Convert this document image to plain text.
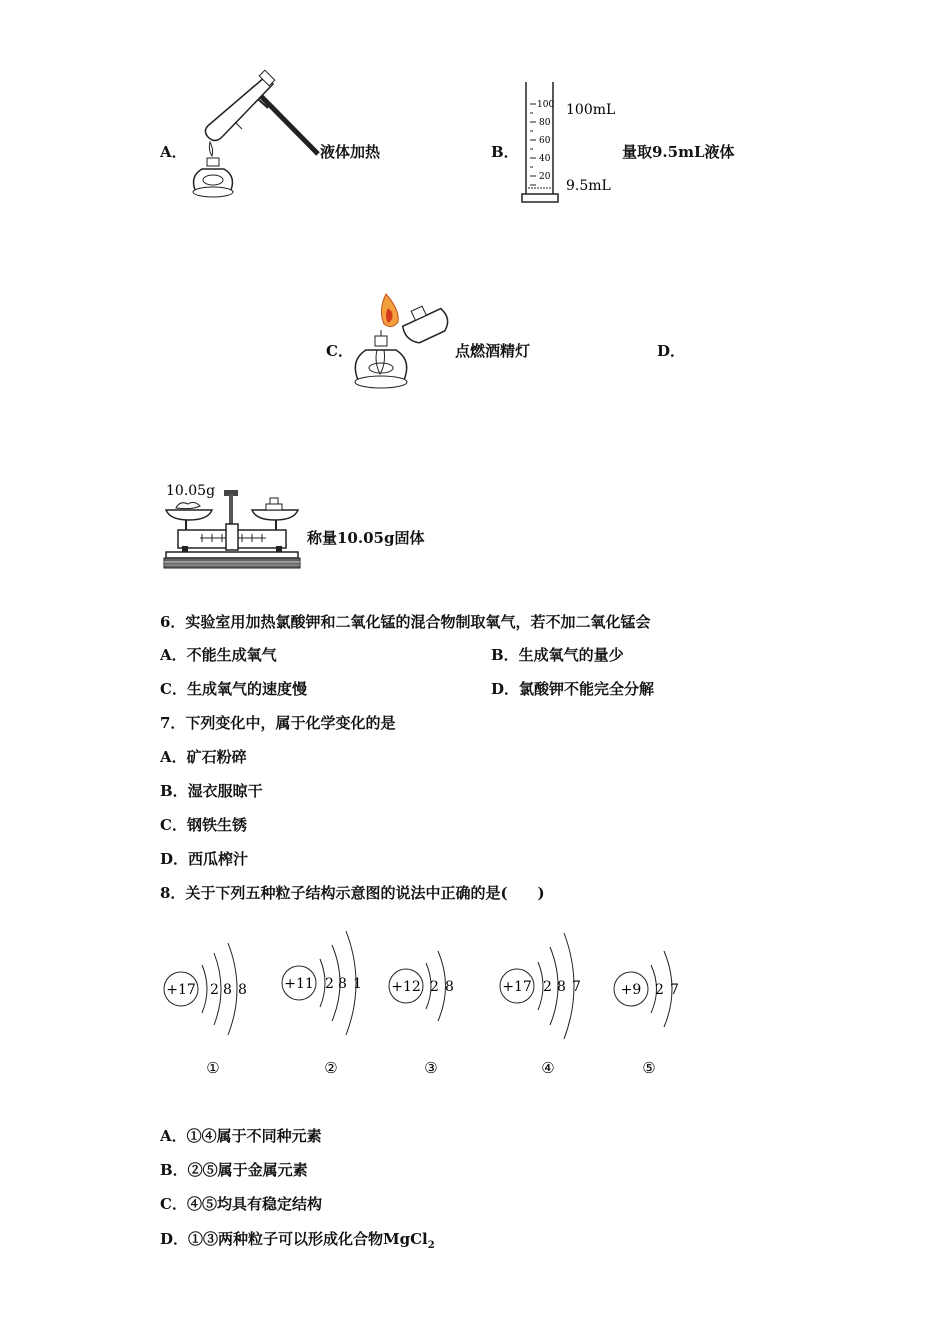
A．	液体加热	B．
100
80
60
40
20
100mL
9.5mL
量取9.5mL液体
C．	点燃酒精灯	D．
10.05g
称量10.05g固体
6．实验室用加热氯酸钾和二氧化锰的混合物制取氧气，若不加二氧化锰会
A．不能生成氧气	B．生成氧气的量少
C．生成氧气的速度慢	D．氯酸钾不能完全分解
7．下列变化中，属于化学变化的是
A．矿石粉碎
B．湿衣服晾干
C．钢铁生锈
D．西瓜榨汁
8．关于下列五种粒子结构示意图的说法中正确的是(　　)
+17 2 8 8
①
+11 2 8 1
②
+12 2 8
③
+17 2 8 7
④
+9 2 7
⑤
A．①④属于不同种元素
B．②⑤属于金属元素
C．④⑤均具有稳定结构
D．①③两种粒子可以形成化合物MgCl$_2$
